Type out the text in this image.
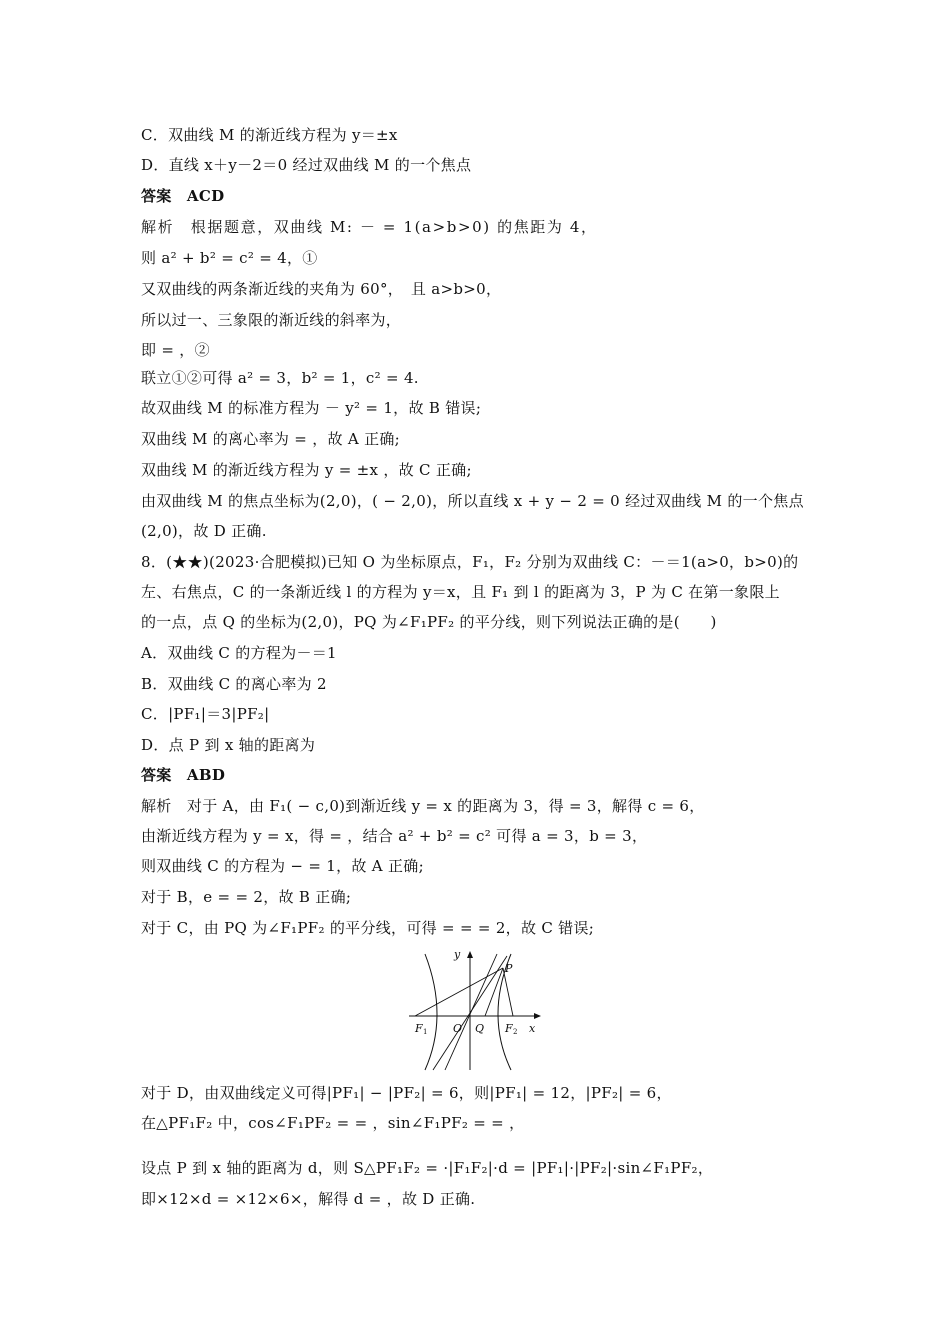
C．双曲线 M 的渐近线方程为 y＝±x
D．直线 x＋y－2＝0 经过双曲线 M 的一个焦点
答案　ACD
解析　根据题意，双曲线 M: － = 1(a>b>0) 的焦距为 4，
则 a² + b² = c² = 4，①
又双曲线的两条渐近线的夹角为 60°，　且 a>b>0，
所以过一、三象限的渐近线的斜率为，
即 = ，②
联立①②可得 a² = 3，b² = 1，c² = 4.
故双曲线 M 的标准方程为 － y² = 1，故 B 错误;
双曲线 M 的离心率为 = ，故 A 正确;
双曲线 M 的渐近线方程为 y = ±x ，故 C 正确;
由双曲线 M 的焦点坐标为(2,0)，( − 2,0)，所以直线 x + y − 2 = 0 经过双曲线 M 的一个焦点
(2,0)，故 D 正确.
8．(★★)(2023·合肥模拟)已知 O 为坐标原点，F₁，F₂ 分别为双曲线 C：－＝1(a>0，b>0)的
左、右焦点，C 的一条渐近线 l 的方程为 y＝x，且 F₁ 到 l 的距离为 3，P 为 C 在第一象限上
的一点，点 Q 的坐标为(2,0)，PQ 为∠F₁PF₂ 的平分线，则下列说法正确的是(　　)
A．双曲线 C 的方程为－＝1
B．双曲线 C 的离心率为 2
C．|PF₁|＝3|PF₂|
D．点 P 到 x 轴的距离为
答案　ABD
解析　对于 A，由 F₁( − c,0)到渐近线 y = x 的距离为 3，得 = 3，解得 c = 6，
由渐近线方程为 y = x，得 = ，结合 a² + b² = c² 可得 a = 3，b = 3，
则双曲线 C 的方程为 − = 1，故 A 正确;
对于 B，e = = 2，故 B 正确;
对于 C，由 PQ 为∠F₁PF₂ 的平分线，可得 = = = 2，故 C 错误;
y
P
F 1 O Q F 2 x
对于 D，由双曲线定义可得|PF₁| − |PF₂| = 6，则|PF₁| = 12，|PF₂| = 6，
在△PF₁F₂ 中，cos∠F₁PF₂ = = ，sin∠F₁PF₂ = = ，
设点 P 到 x 轴的距离为 d，则 S△PF₁F₂ = ·|F₁F₂|·d = |PF₁|·|PF₂|·sin∠F₁PF₂，
即×12×d = ×12×6×，解得 d = ，故 D 正确.
